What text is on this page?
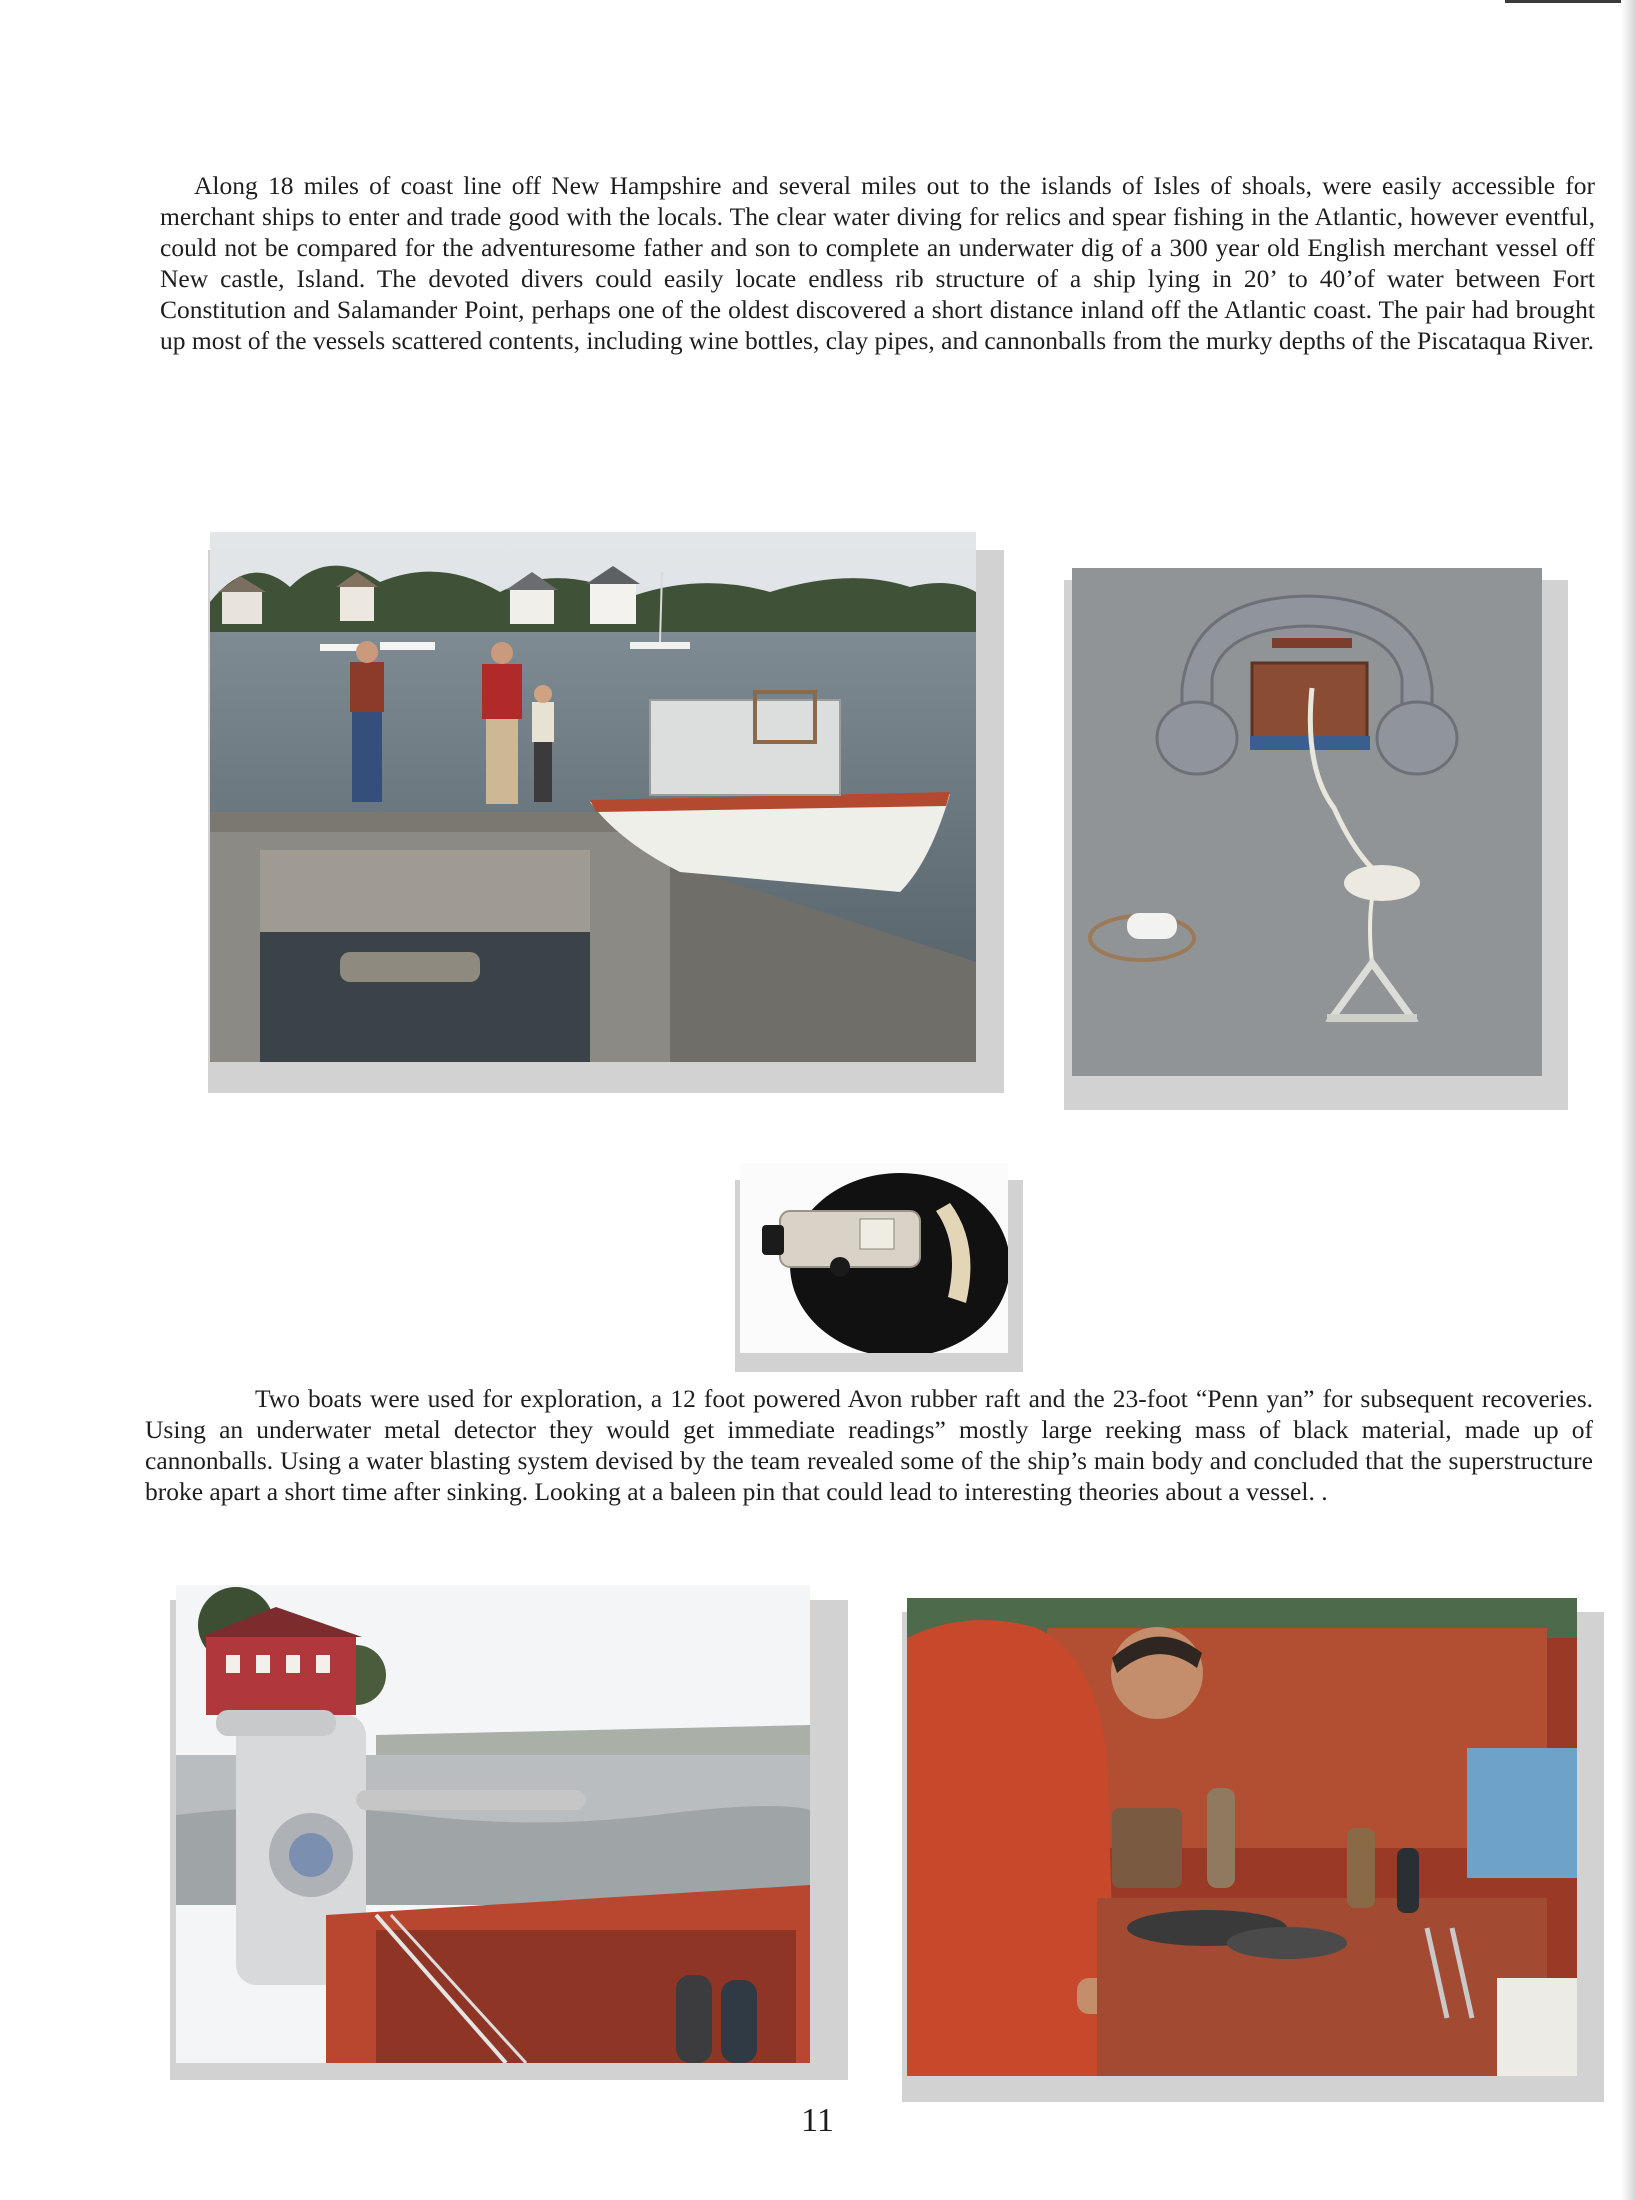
Along 18 miles of coast line off New Hampshire and several miles out to the islands of Isles of shoals, were easily accessible for merchant ships to enter and trade good with the locals. The clear water diving for relics and spear fishing in the Atlantic, however eventful, could not be compared for the adventuresome father and son to complete an underwater dig of a 300 year old English merchant vessel off New castle, Island. The devoted divers could easily locate endless rib structure of a ship lying in 20’ to 40’of water between Fort Constitution and Salamander Point, perhaps one of the oldest discovered a short distance inland off the Atlantic coast. The pair had brought up most of the vessels scattered contents, including wine bottles, clay pipes, and cannonballs from the murky depths of the Piscataqua River.

Two boats were used for exploration, a 12 foot powered Avon rubber raft and the 23-foot “Penn yan” for subsequent recoveries. Using an underwater metal detector they would get immediate readings” mostly large reeking mass of black material, made up of cannonballs. Using a water blasting system devised by the team revealed some of the ship’s main body and concluded that the superstructure broke apart a short time after sinking. Looking at a baleen pin that could lead to interesting theories about a vessel. .

11
